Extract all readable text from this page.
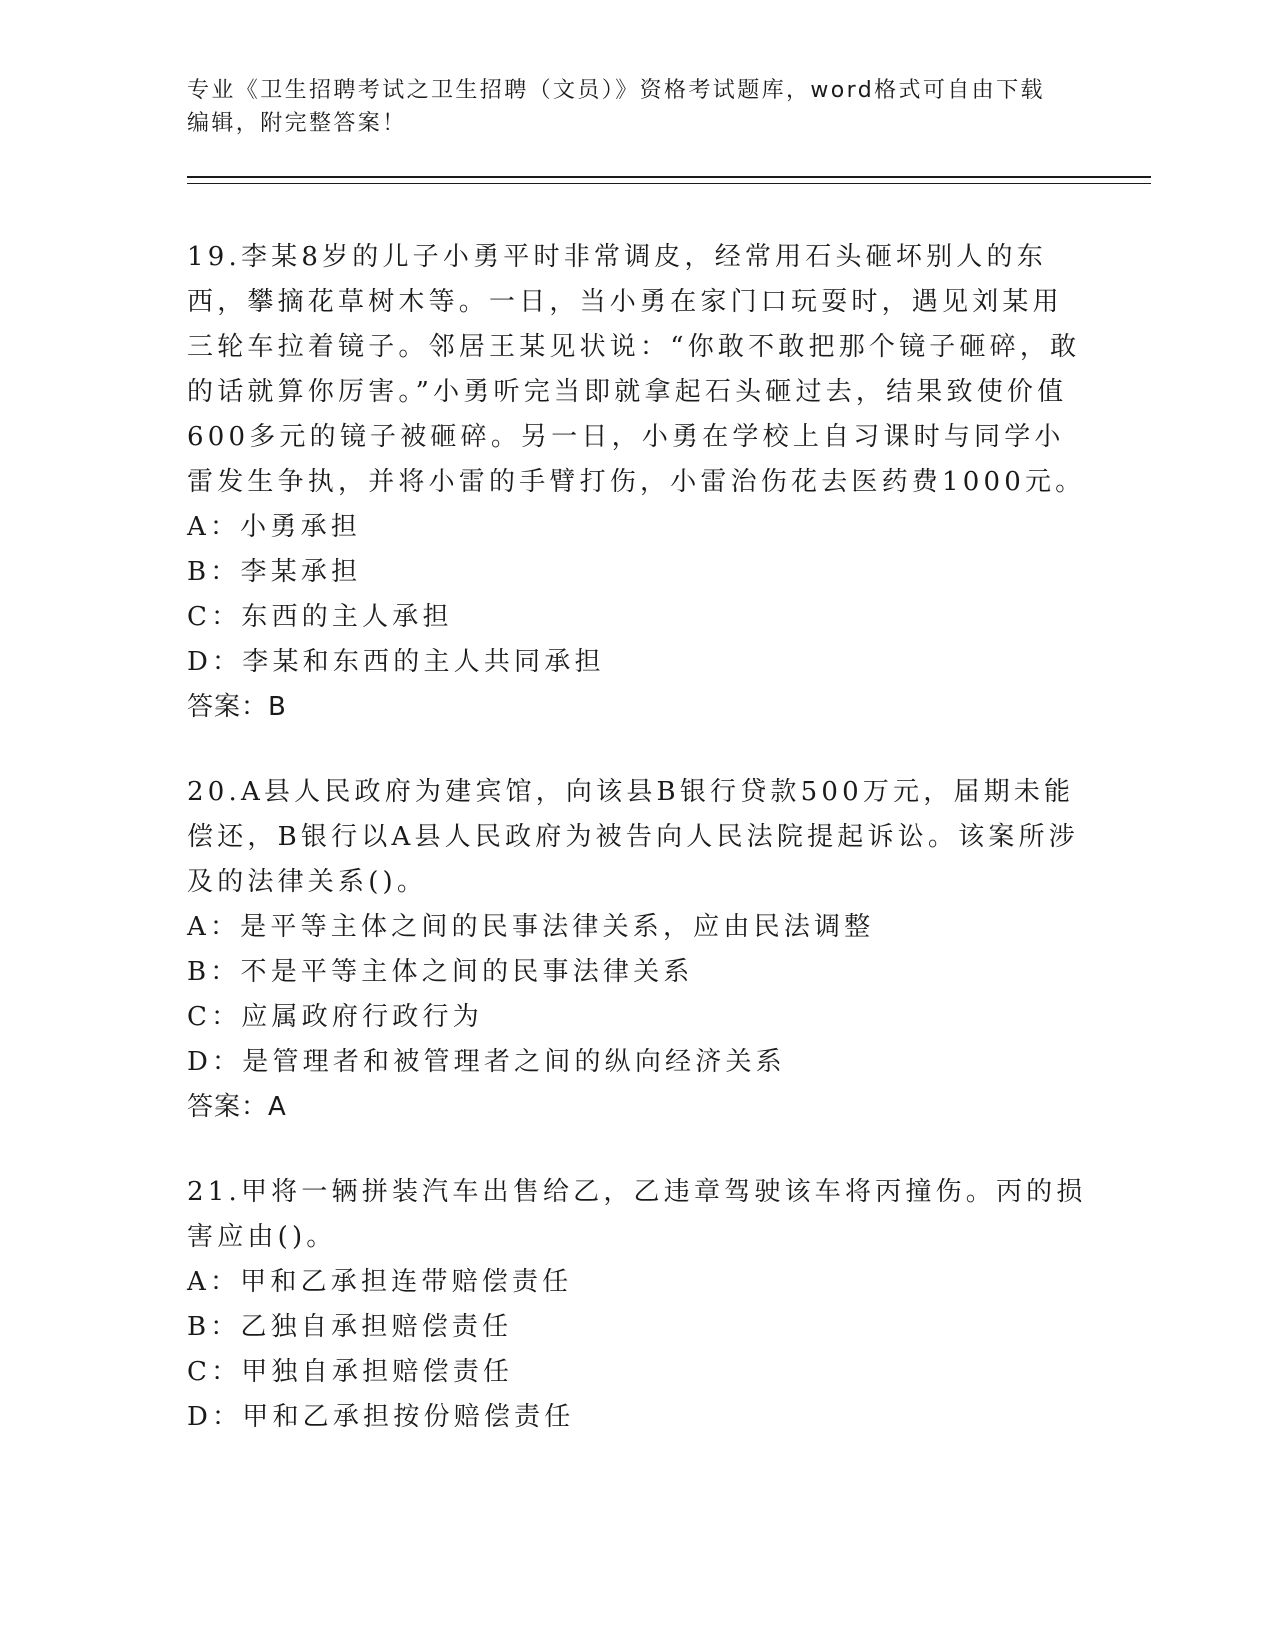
专业《卫生招聘考试之卫生招聘（文员）》资格考试题库，word格式可自由下载
编辑，附完整答案！

19.李某8岁的儿子小勇平时非常调皮，经常用石头砸坏别人的东西，攀摘花草树木等。一日，当小勇在家门口玩耍时，遇见刘某用三轮车拉着镜子。邻居王某见状说：“你敢不敢把那个镜子砸碎，敢的话就算你厉害。”小勇听完当即就拿起石头砸过去，结果致使价值600多元的镜子被砸碎。另一日，小勇在学校上自习课时与同学小雷发生争执，并将小雷的手臂打伤，小雷治伤花去医药费1000元。

A：小勇承担
B：李某承担
C：东西的主人承担
D：李某和东西的主人共同承担
答案：B

20.A县人民政府为建宾馆，向该县B银行贷款500万元，届期未能偿还，B银行以A县人民政府为被告向人民法院提起诉讼。该案所涉及的法律关系()。

A：是平等主体之间的民事法律关系，应由民法调整
B：不是平等主体之间的民事法律关系
C：应属政府行政行为
D：是管理者和被管理者之间的纵向经济关系
答案：A

21.甲将一辆拼装汽车出售给乙，乙违章驾驶该车将丙撞伤。丙的损害应由()。

A：甲和乙承担连带赔偿责任
B：乙独自承担赔偿责任
C：甲独自承担赔偿责任
D：甲和乙承担按份赔偿责任
